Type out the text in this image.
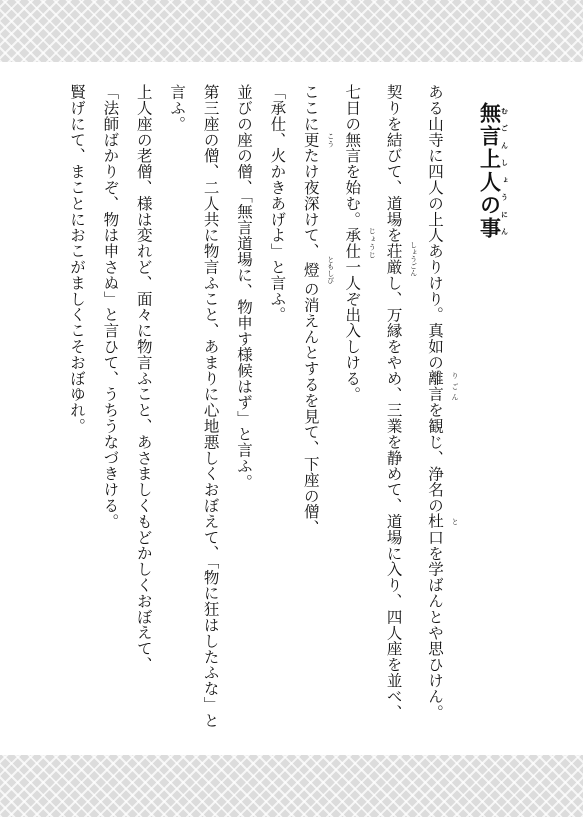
無言上人の事むごんしょうにん
ある山寺に四人の上人ありけり。真如の離言 りごんを観じ、浄名の杜 と口を学ばんとや思ひけん。
契りを結びて、道場を荘厳 しょうごんし、万縁をやめ、三業を静めて、道場に入り、四人座を並べ、
七日の無言を始む。承仕 じょうじ一人ぞ出入しける。
ここに更 こうたけ夜深けて、燈 ともしびの消えんとするを見て、下座の僧、
「承仕、火かきあげよ」と言ふ。
並びの座の僧、「無言道場に、物申す様候はず」と言ふ。
第三座の僧、二人共に物言ふこと、あまりに心地悪しくおぼえて、「物に狂はしたふな」と
言ふ。
上人座の老僧、様は変れど、面々に物言ふこと、あさましくもどかしくおぼえて、
「法師ばかりぞ、物は申さぬ」と言ひて、うちうなづきける。
賢げにて、まことにおこがましくこそおぼゆれ。
